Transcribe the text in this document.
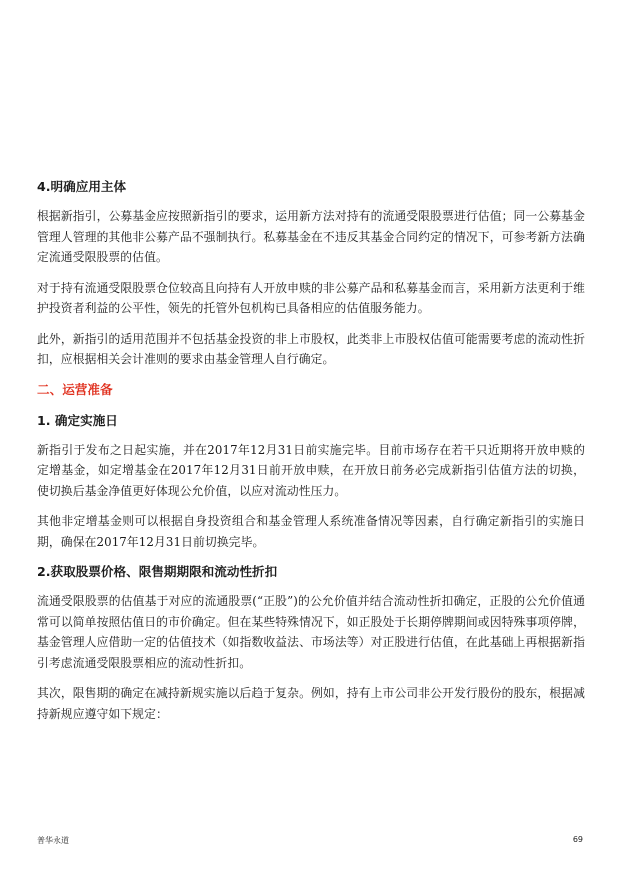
4.明确应用主体

根据新指引，公募基金应按照新指引的要求，运用新方法对持有的流通受限股票进行估值；同一公募基金管理人管理的其他非公募产品不强制执行。私募基金在不违反其基金合同约定的情况下，可参考新方法确定流通受限股票的估值。

对于持有流通受限股票仓位较高且向持有人开放申赎的非公募产品和私募基金而言，采用新方法更利于维护投资者利益的公平性，领先的托管外包机构已具备相应的估值服务能力。

此外，新指引的适用范围并不包括基金投资的非上市股权，此类非上市股权估值可能需要考虑的流动性折扣，应根据相关会计准则的要求由基金管理人自行确定。

二、运营准备

1. 确定实施日

新指引于发布之日起实施，并在2017年12月31日前实施完毕。目前市场存在若干只近期将开放申赎的定增基金，如定增基金在2017年12月31日前开放申赎，在开放日前务必完成新指引估值方法的切换，使切换后基金净值更好体现公允价值，以应对流动性压力。

其他非定增基金则可以根据自身投资组合和基金管理人系统准备情况等因素，自行确定新指引的实施日期，确保在2017年12月31日前切换完毕。

2.获取股票价格、限售期期限和流动性折扣

流通受限股票的估值基于对应的流通股票(“正股”)的公允价值并结合流动性折扣确定，正股的公允价值通常可以简单按照估值日的市价确定。但在某些特殊情况下，如正股处于长期停牌期间或因特殊事项停牌，基金管理人应借助一定的估值技术（如指数收益法、市场法等）对正股进行估值，在此基础上再根据新指引考虑流通受限股票相应的流动性折扣。

其次，限售期的确定在减持新规实施以后趋于复杂。例如，持有上市公司非公开发行股份的股东，根据减持新规应遵守如下规定：

普华永道	69
